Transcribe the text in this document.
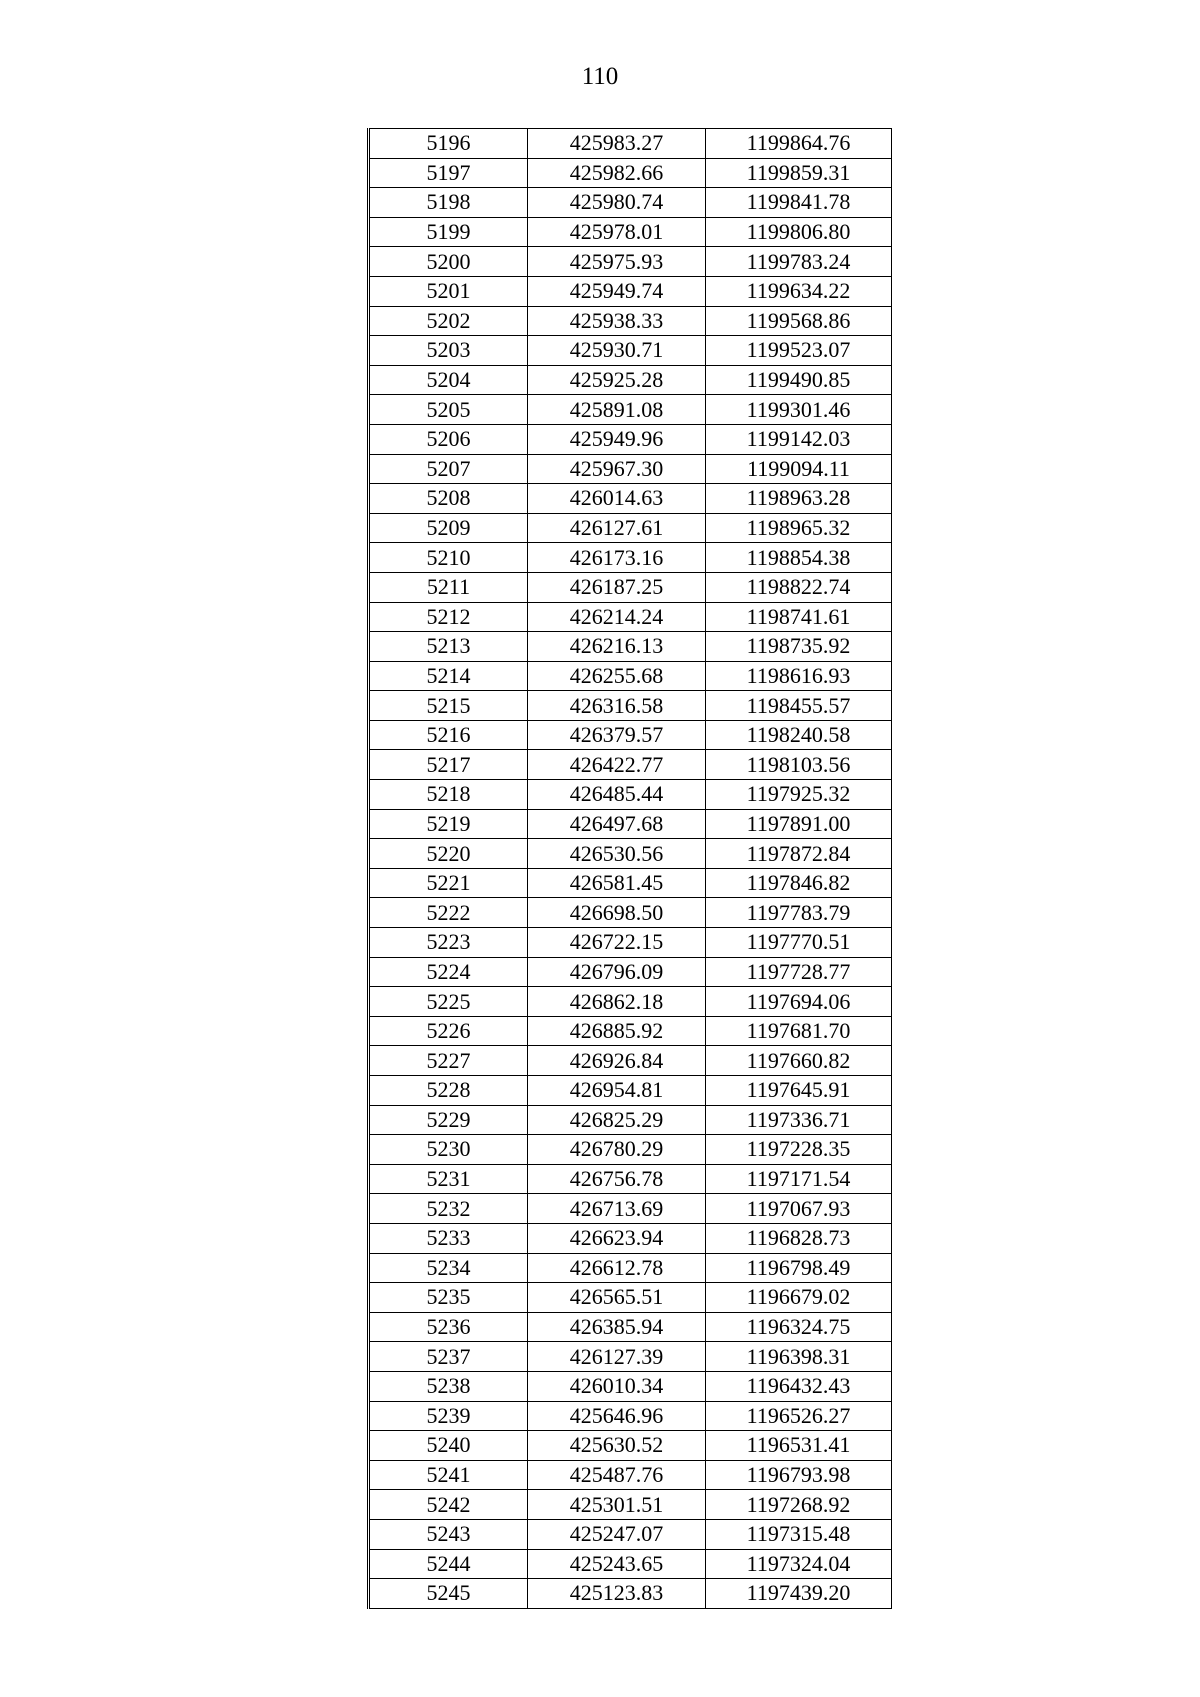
110
5196	425983.27	1199864.76
5197	425982.66	1199859.31
5198	425980.74	1199841.78
5199	425978.01	1199806.80
5200	425975.93	1199783.24
5201	425949.74	1199634.22
5202	425938.33	1199568.86
5203	425930.71	1199523.07
5204	425925.28	1199490.85
5205	425891.08	1199301.46
5206	425949.96	1199142.03
5207	425967.30	1199094.11
5208	426014.63	1198963.28
5209	426127.61	1198965.32
5210	426173.16	1198854.38
5211	426187.25	1198822.74
5212	426214.24	1198741.61
5213	426216.13	1198735.92
5214	426255.68	1198616.93
5215	426316.58	1198455.57
5216	426379.57	1198240.58
5217	426422.77	1198103.56
5218	426485.44	1197925.32
5219	426497.68	1197891.00
5220	426530.56	1197872.84
5221	426581.45	1197846.82
5222	426698.50	1197783.79
5223	426722.15	1197770.51
5224	426796.09	1197728.77
5225	426862.18	1197694.06
5226	426885.92	1197681.70
5227	426926.84	1197660.82
5228	426954.81	1197645.91
5229	426825.29	1197336.71
5230	426780.29	1197228.35
5231	426756.78	1197171.54
5232	426713.69	1197067.93
5233	426623.94	1196828.73
5234	426612.78	1196798.49
5235	426565.51	1196679.02
5236	426385.94	1196324.75
5237	426127.39	1196398.31
5238	426010.34	1196432.43
5239	425646.96	1196526.27
5240	425630.52	1196531.41
5241	425487.76	1196793.98
5242	425301.51	1197268.92
5243	425247.07	1197315.48
5244	425243.65	1197324.04
5245	425123.83	1197439.20
